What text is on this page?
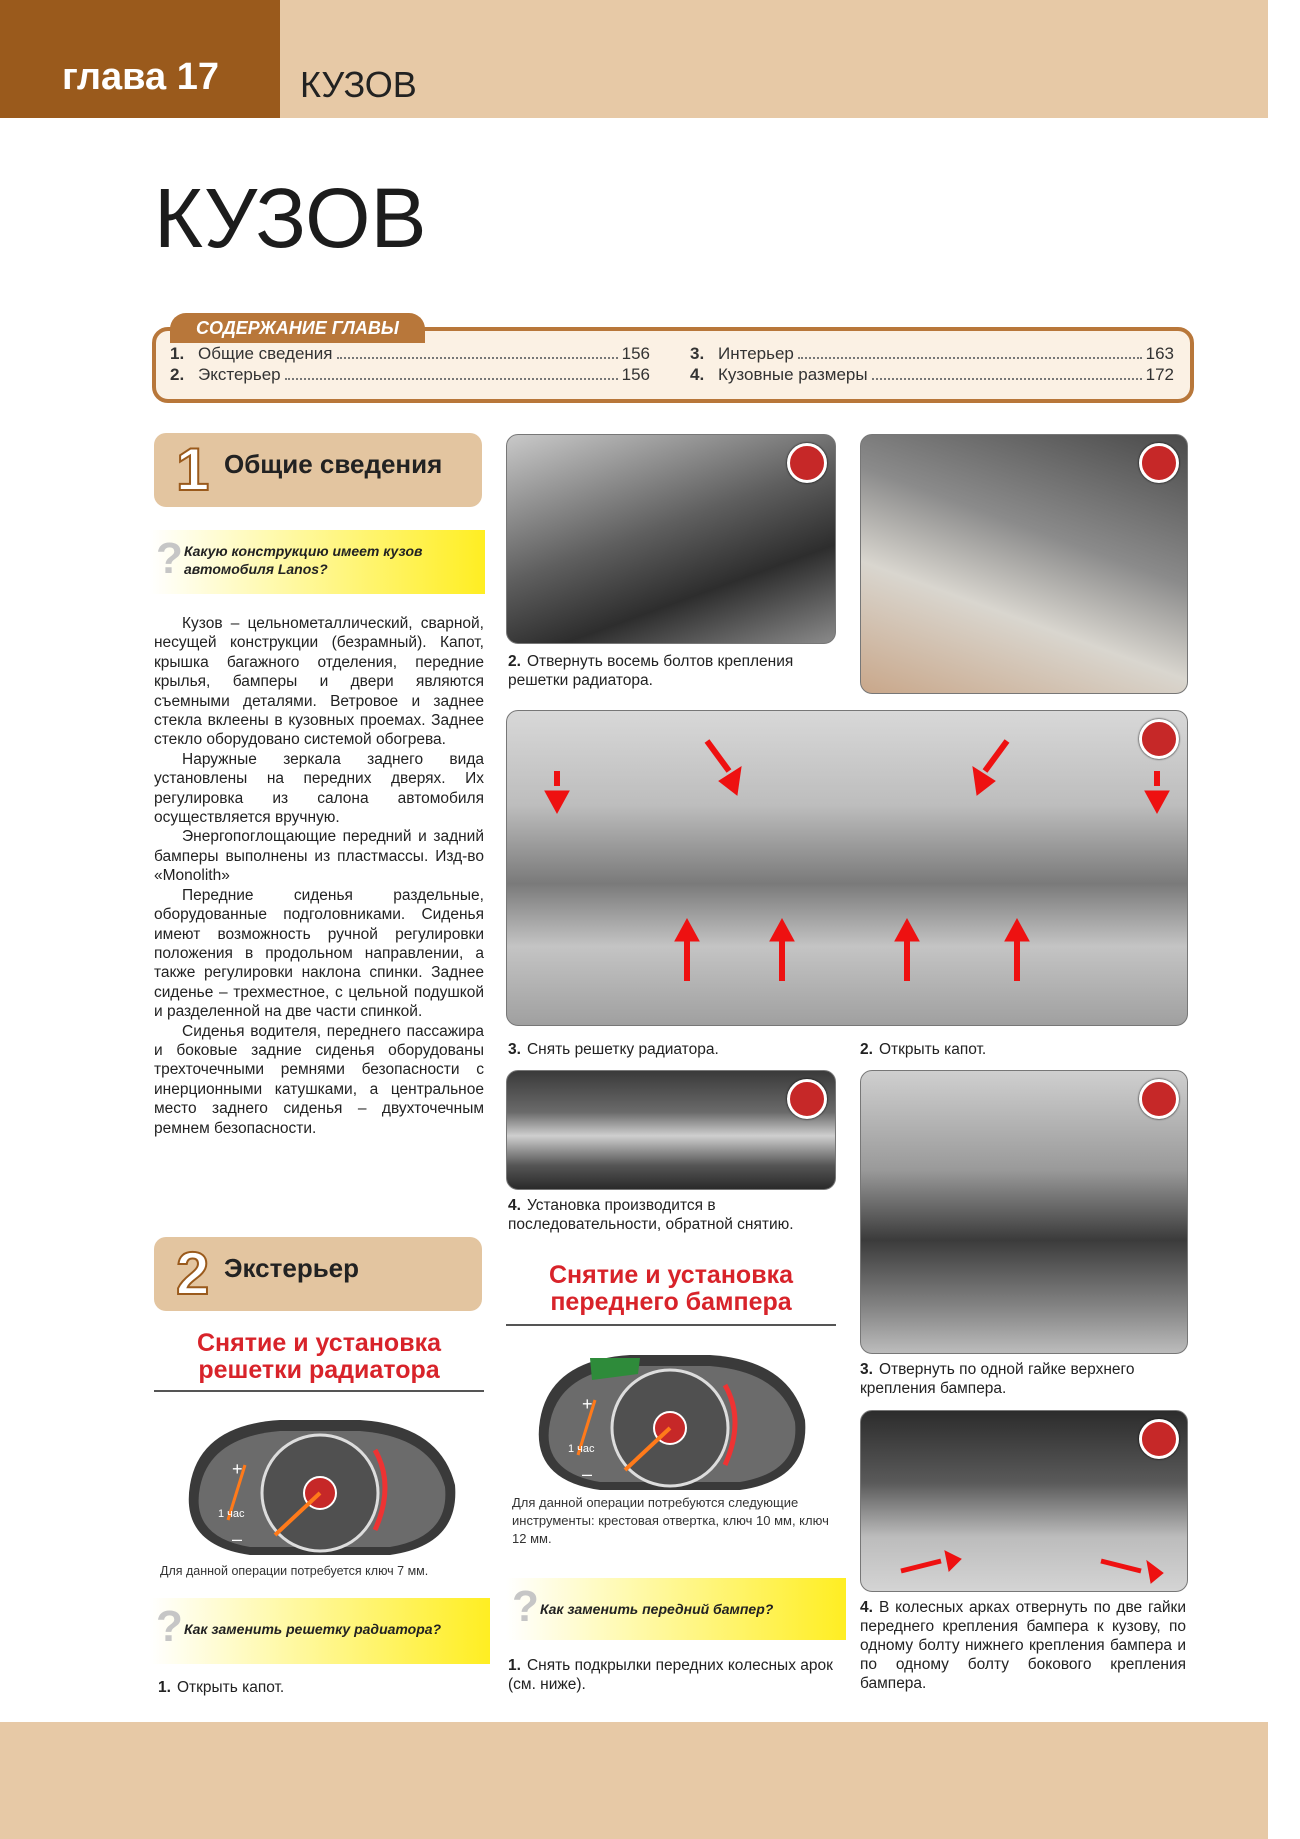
глава 17 КУЗОВ
КУЗОВ
СОДЕРЖАНИЕ ГЛАВЫ
1. Общие сведения	156
2. Экстерьер	156
3. Интерьер	163
4. Кузовные размеры	172
1 Общие сведения
? Какую конструкцию имеет кузов автомобиля Lanos?

Кузов – цельнометаллический, сварной, несущей конструкции (безрамный). Капот, крышка багажного отделения, передние крылья, бамперы и двери являются съемными деталями. Ветровое и заднее стекла вклеены в кузовных проемах. Заднее стекло оборудовано системой обогрева.

Наружные зеркала заднего вида установлены на передних дверях. Их регулировка из салона автомобиля осуществляется вручную.

Энергопоглощающие передний и задний бамперы выполнены из пластмассы. Изд-во «Monolith»

Передние сиденья раздельные, оборудованные подголовниками. Сиденья имеют возможность ручной регулировки положения в продольном направлении, а также регулировки наклона спинки. Заднее сиденье – трехместное, с цельной подушкой и разделенной на две части спинкой.

Сиденья водителя, переднего пассажира и боковые задние сиденья оборудованы трехточечными ремнями безопасности с инерционными катушками, а центральное место заднего сиденья – двухточечным ремнем безопасности.

2 Экстерьер
Снятие и установка решетки радиатора
1 час
+
–
Для данной операции потребуется ключ 7 мм.
? Как заменить решетку радиатора?
1. Открыть капот.
2. Отвернуть восемь болтов крепления решетки радиатора.
3. Снять решетку радиатора.	2. Открыть капот.
4. Установка производится в последовательности, обратной снятию.
3. Отвернуть по одной гайке верхнего крепления бампера.
Снятие и установка переднего бампера
1 час
+
–
Для данной операции потребуются следующие инструменты: крестовая отвертка, ключ 10 мм, ключ 12 мм.
? Как заменить передний бампер?
1. Снять подкрылки передних колесных арок (см. ниже).
4. В колесных арках отвернуть по две гайки переднего крепления бампера к кузову, по одному болту нижнего крепления бампера и по одному болту бокового крепления бампера.
